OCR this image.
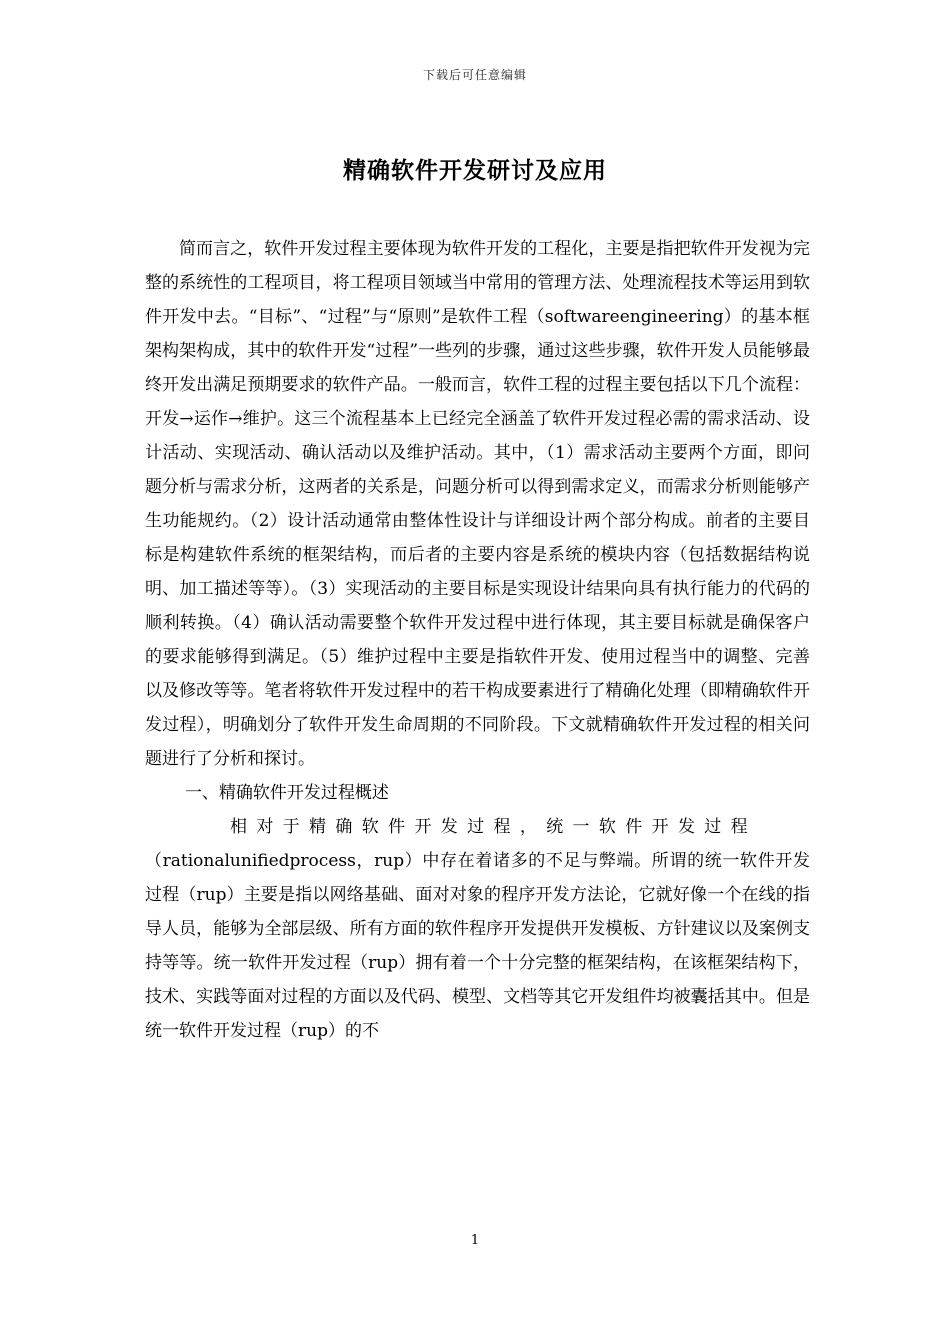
下载后可任意编辑
精确软件开发研讨及应用

简而言之，软件开发过程主要体现为软件开发的工程化，主要是指把软件开发视为完整的系统性的工程项目，将工程项目领域当中常用的管理方法、处理流程技术等运用到软件开发中去。“目标”、“过程”与“原则”是软件工程（softwareengineering）的基本框架构架构成，其中的软件开发“过程”一些列的步骤，通过这些步骤，软件开发人员能够最终开发出满足预期要求的软件产品。一般而言，软件工程的过程主要包括以下几个流程：开发→运作→维护。这三个流程基本上已经完全涵盖了软件开发过程必需的需求活动、设计活动、实现活动、确认活动以及维护活动。其中，（1）需求活动主要两个方面，即问题分析与需求分析，这两者的关系是，问题分析可以得到需求定义，而需求分析则能够产生功能规约。（2）设计活动通常由整体性设计与详细设计两个部分构成。前者的主要目标是构建软件系统的框架结构，而后者的主要内容是系统的模块内容（包括数据结构说明、加工描述等等）。（3）实现活动的主要目标是实现设计结果向具有执行能力的代码的顺利转换。（4）确认活动需要整个软件开发过程中进行体现，其主要目标就是确保客户的要求能够得到满足。（5）维护过程中主要是指软件开发、使用过程当中的调整、完善以及修改等等。笔者将软件开发过程中的若干构成要素进行了精确化处理（即精确软件开发过程），明确划分了软件开发生命周期的不同阶段。下文就精确软件开发过程的相关问题进行了分析和探讨。

一、精确软件开发过程概述

相对于精确软件开发过程，统一软件开发过程

（rationalunifiedprocess，rup）中存在着诸多的不足与弊端。所谓的统一软件开发过程（rup）主要是指以网络基础、面对对象的程序开发方法论，它就好像一个在线的指导人员，能够为全部层级、所有方面的软件程序开发提供开发模板、方针建议以及案例支持等等。统一软件开发过程（rup）拥有着一个十分完整的框架结构，在该框架结构下，技术、实践等面对过程的方面以及代码、模型、文档等其它开发组件均被囊括其中。但是统一软件开发过程（rup）的不

1
